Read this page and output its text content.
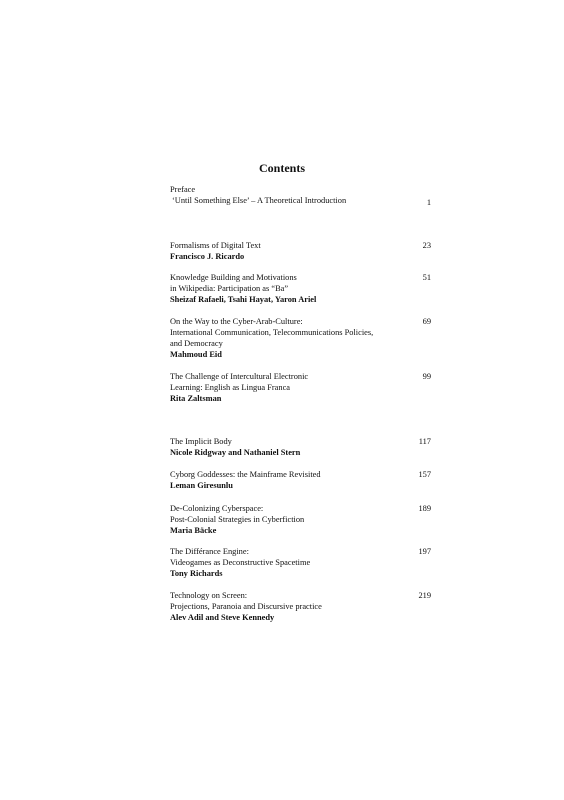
Contents
Preface
‘Until Something Else’ – A Theoretical Introduction	1
Formalisms of Digital Text
Francisco J. Ricardo
23
Knowledge Building and Motivations
in Wikipedia: Participation as “Ba”
Sheizaf Rafaeli, Tsahi Hayat, Yaron Ariel
51
On the Way to the Cyber-Arab-Culture:
International Communication, Telecommunications Policies,
and Democracy
Mahmoud Eid
69
The Challenge of Intercultural Electronic
Learning: English as Lingua Franca
Rita Zaltsman
99
The Implicit Body
Nicole Ridgway and Nathaniel Stern
117
Cyborg Goddesses: the Mainframe Revisited
Leman Giresunlu
157
De-Colonizing Cyberspace:
Post-Colonial Strategies in Cyberfiction
Maria Bäcke
189
The Différance Engine:
Videogames as Deconstructive Spacetime
Tony Richards
197
Technology on Screen:
Projections, Paranoia and Discursive practice
Alev Adil and Steve Kennedy
219
